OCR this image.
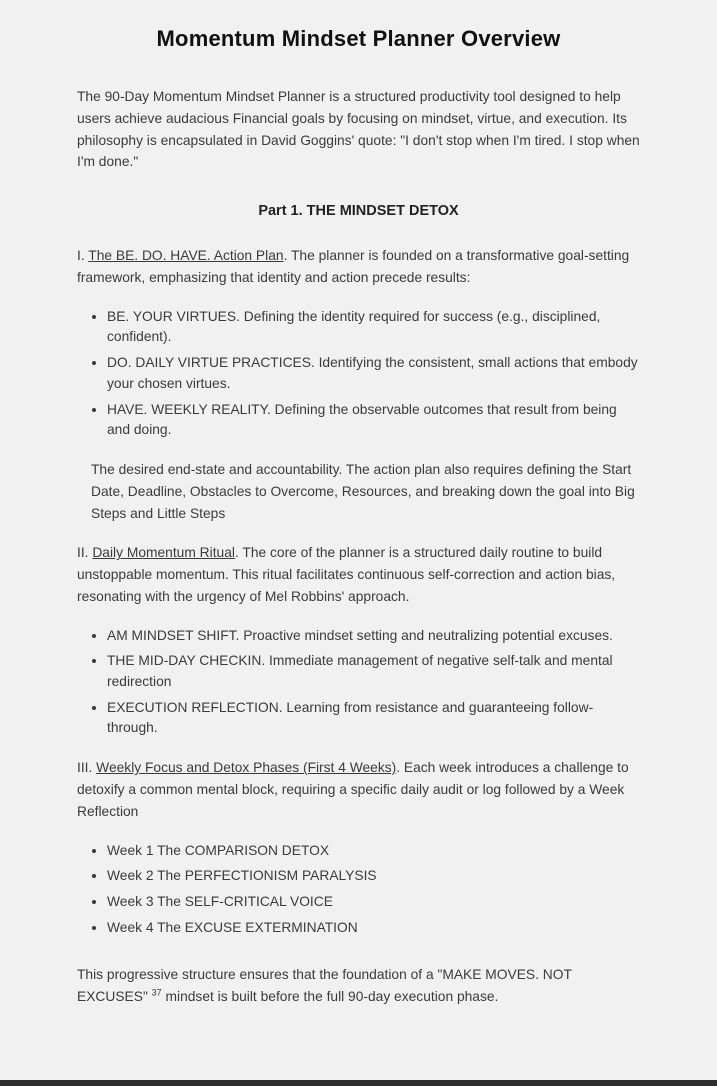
Momentum Mindset Planner Overview

The 90-Day Momentum Mindset Planner is a structured productivity tool designed to help users achieve audacious Financial goals by focusing on mindset, virtue, and execution. Its philosophy is encapsulated in David Goggins' quote: "I don't stop when I'm tired. I stop when I'm done."

Part 1. THE MINDSET DETOX

I. The BE. DO. HAVE. Action Plan. The planner is founded on a transformative goal-setting framework, emphasizing that identity and action precede results:

• BE. YOUR VIRTUES. Defining the identity required for success (e.g., disciplined, confident).
• DO. DAILY VIRTUE PRACTICES. Identifying the consistent, small actions that embody your chosen virtues.
• HAVE. WEEKLY REALITY. Defining the observable outcomes that result from being and doing.

The desired end-state and accountability. The action plan also requires defining the Start Date, Deadline, Obstacles to Overcome, Resources, and breaking down the goal into Big Steps and Little Steps

II. Daily Momentum Ritual. The core of the planner is a structured daily routine to build unstoppable momentum. This ritual facilitates continuous self-correction and action bias, resonating with the urgency of Mel Robbins' approach.

• AM MINDSET SHIFT. Proactive mindset setting and neutralizing potential excuses.
• THE MID-DAY CHECKIN. Immediate management of negative self-talk and mental redirection
• EXECUTION REFLECTION. Learning from resistance and guaranteeing follow-through.

III. Weekly Focus and Detox Phases (First 4 Weeks). Each week introduces a challenge to detoxify a common mental block, requiring a specific daily audit or log followed by a Week Reflection

• Week 1 The COMPARISON DETOX
• Week 2 The PERFECTIONISM PARALYSIS
• Week 3 The SELF-CRITICAL VOICE
• Week 4 The EXCUSE EXTERMINATION

This progressive structure ensures that the foundation of a "MAKE MOVES. NOT EXCUSES" $^{37}$ mindset is built before the full 90-day execution phase.
